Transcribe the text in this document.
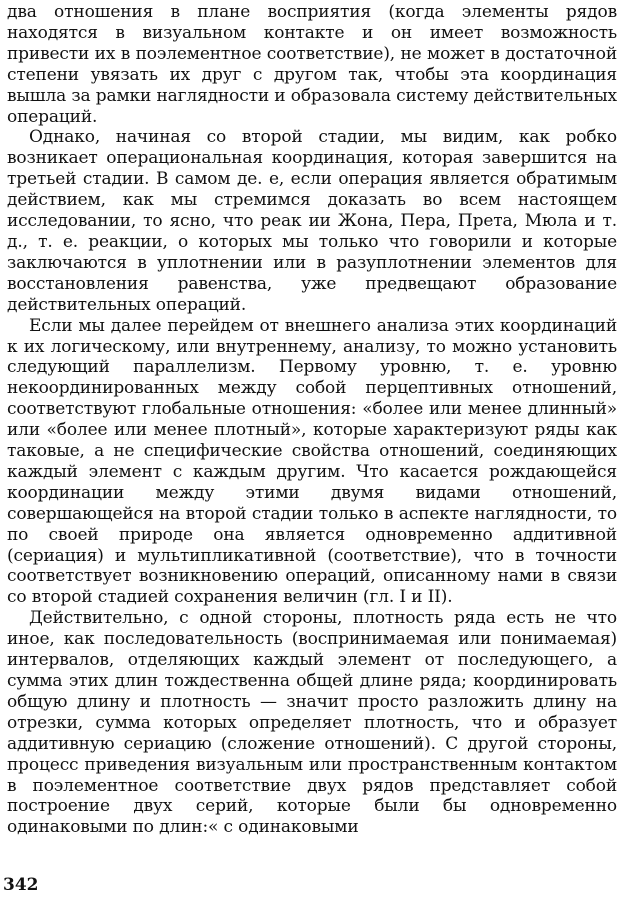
два отношения в плане восприятия (когда элементы рядов находятся в визуальном контакте и он имеет возможность привести их в поэлементное соответствие), не может в достаточной степени увязать их друг с другом так, чтобы эта координация вышла за рамки наглядности и образовала систему действительных операций.

Однако, начиная со второй стадии, мы видим, как робко возникает операциональная координация, которая завершится на третьей стадии. В самом де. е, если операция является обратимым действием, как мы стремимся доказать во всем настоящем исследовании, то ясно, что реак ии Жона, Пера, Прета, Мюла и т. д., т. е. реакции, о которых мы только что говорили и которые заключаются в уплотнении или в разуплотнении элементов для восстановления равенства, уже предвещают образование действительных операций.

Если мы далее перейдем от внешнего анализа этих координаций к их логическому, или внутреннему, анализу, то можно установить следующий параллелизм. Первому уровню, т. е. уровню некоординированных между собой перцептивных отношений, соответствуют глобальные отношения: «более или менее длинный» или «более или менее плотный», которые характеризуют ряды как таковые, а не специфические свойства отношений, соединяющих каждый элемент с каждым другим. Что касается рождающейся координации между этими двумя видами отношений, совершающейся на второй стадии только в аспекте наглядности, то по своей природе она является одновременно аддитивной (сериация) и мультипликативной (соответствие), что в точности соответствует возникновению операций, описанному нами в связи со второй стадией сохранения величин (гл. I и II).

Действительно, с одной стороны, плотность ряда есть не что иное, как последовательность (воспринимаемая или понимаемая) интервалов, отделяющих каждый элемент от последующего, а сумма этих длин тождественна общей длине ряда; координировать общую длину и плотность — значит просто разложить длину на отрезки, сумма которых определяет плотность, что и образует аддитивную сериацию (сложение отношений). С другой стороны, процесс приведения визуальным или пространственным контактом в поэлементное соответствие двух рядов представляет собой построение двух серий, которые были бы одновременно одинаковыми по длин:« с одинаковыми

342
